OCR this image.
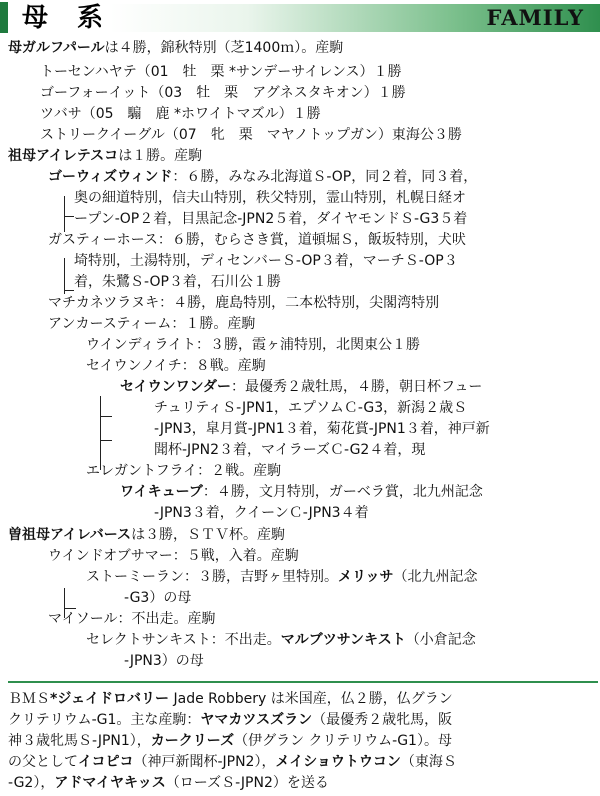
母 系	FAMILY
母ガルフパールは４勝，錦秋特別（芝1400ｍ）。産駒
トーセンハヤテ（01　牡　栗 *サンデーサイレンス）１勝
ゴーフォーイット（03　牡　栗　アグネスタキオン）１勝
ツバサ（05　騸　鹿 *ホワイトマズル）１勝
ストリークイーグル（07　牝　栗　マヤノトップガン）東海公３勝
祖母アイレテスコは１勝。産駒
ゴーウィズウィンド：６勝，みなみ北海道Ｓ-OP，同２着，同３着，
奥の細道特別，信夫山特別，秩父特別，霊山特別，札幌日経オ
ープン-OP２着，目黒記念-JPN2５着，ダイヤモンドＳ-G3５着
ガスティーホース：６勝，むらさき賞，道頓堀Ｓ，飯坂特別，犬吠
埼特別，土湯特別，ディセンバーＳ-OP３着，マーチＳ-OP３
着，朱鷺Ｓ-OP３着，石川公１勝
マチカネツラヌキ：４勝，鹿島特別，二本松特別，尖閣湾特別
アンカースティーム：１勝。産駒
ウインディライト：３勝，霞ヶ浦特別，北関東公１勝
セイウンノイチ：８戦。産駒
セイウンワンダー：最優秀２歳牡馬，４勝，朝日杯フュー
チュリティＳ-JPN1，エプソムＣ-G3，新潟２歳Ｓ
-JPN3，皐月賞-JPN1３着，菊花賞-JPN1３着，神戸新
聞杯-JPN2３着，マイラーズＣ-G2４着，現
エレガントフライ：２戦。産駒
ワイキューブ：４勝，文月特別，ガーベラ賞，北九州記念
-JPN3３着，クイーンＣ-JPN3４着
曽祖母アイレバースは３勝，ＳＴＶ杯。産駒
ウインドオブサマー：５戦，入着。産駒
ストーミーラン：３勝，吉野ヶ里特別。メリッサ（北九州記念
-G3）の母
マイソール：不出走。産駒
セレクトサンキスト：不出走。マルブツサンキスト（小倉記念
-JPN3）の母
ＢＭＳ*ジェイドロバリー Jade Robbery は米国産，仏２勝，仏グラン
クリテリウム-G1。主な産駒：ヤマカツスズラン（最優秀２歳牝馬，阪
神３歳牝馬Ｓ-JPN1），カークリーズ（伊グラン クリテリウム-G1）。母
の父としてイコピコ（神戸新聞杯-JPN2），メイショウトウコン（東海Ｓ
-G2），アドマイヤキッス（ローズＳ-JPN2）を送る
